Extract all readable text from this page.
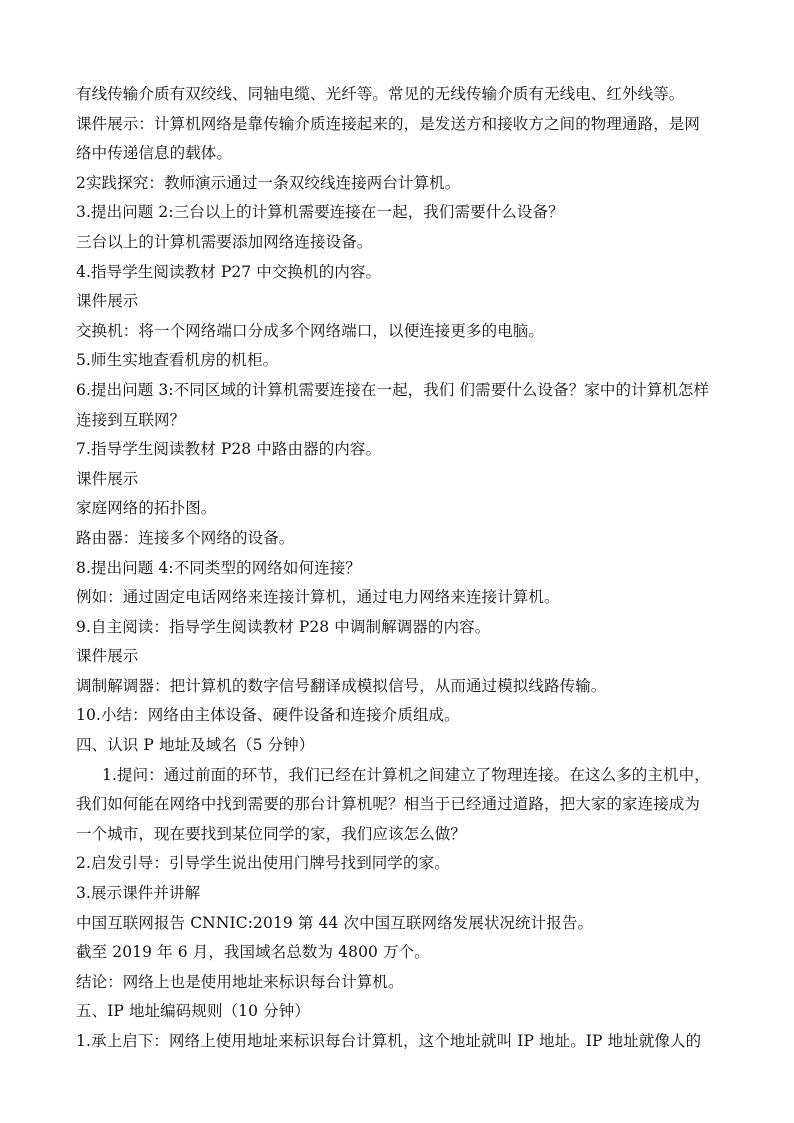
有线传输介质有双绞线、同轴电缆、光纤等。常见的无线传输介质有无线电、红外线等。
课件展示：计算机网络是靠传输介质连接起来的，是发送方和接收方之间的物理通路，是网
络中传递信息的载体。
2实践探究：教师演示通过一条双绞线连接两台计算机。
3.提出问题 2:三台以上的计算机需要连接在一起，我们需要什么设备？
三台以上的计算机需要添加网络连接设备。
4.指导学生阅读教材 P27 中交换机的内容。
课件展示
交换机：将一个网络端口分成多个网络端口，以便连接更多的电脑。
5.师生实地查看机房的机柜。
6.提出问题 3:不同区域的计算机需要连接在一起，我们 们需要什么设备？家中的计算机怎样
连接到互联网？
7.指导学生阅读教材 P28 中路由器的内容。
课件展示
家庭网络的拓扑图。
路由器：连接多个网络的设备。
8.提出问题 4:不同类型的网络如何连接？
例如：通过固定电话网络来连接计算机，通过电力网络来连接计算机。
9.自主阅读：指导学生阅读教材 P28 中调制解调器的内容。
课件展示
调制解调器：把计算机的数字信号翻译成模拟信号，从而通过模拟线路传输。
10.小结：网络由主体设备、硬件设备和连接介质组成。
四、认识 P 地址及域名（5 分钟）
1.提问：通过前面的环节，我们已经在计算机之间建立了物理连接。在这么多的主机中，
我们如何能在网络中找到需要的那台计算机呢？相当于已经通过道路，把大家的家连接成为
一个城市，现在要找到某位同学的家，我们应该怎么做？
2.启发引导：引导学生说出使用门牌号找到同学的家。
3.展示课件并讲解
中国互联网报告 CNNIC:2019 第 44 次中国互联网络发展状况统计报告。
截至 2019 年 6 月，我国域名总数为 4800 万个。
结论：网络上也是使用地址来标识每台计算机。
五、IP 地址编码规则（10 分钟）
1.承上启下：网络上使用地址来标识每台计算机，这个地址就叫 IP 地址。IP 地址就像人的
